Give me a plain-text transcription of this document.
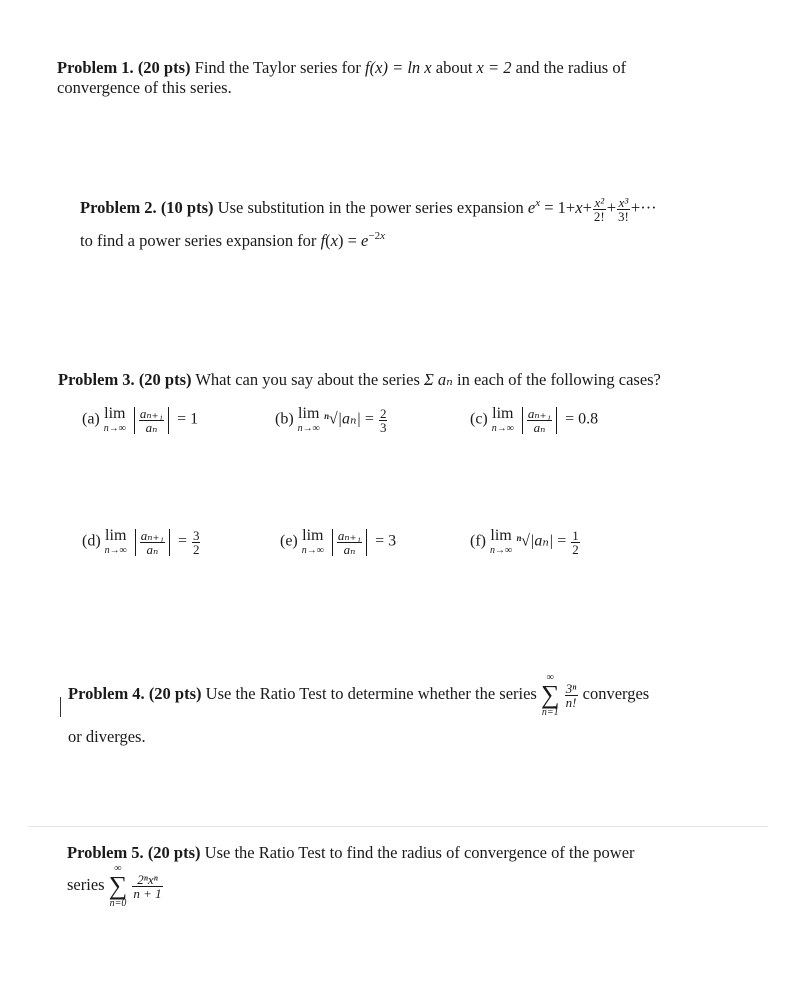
Problem 1. (20 pts) Find the Taylor series for f(x) = ln x about x = 2 and the radius of
convergence of this series.
Problem 2. (10 pts) Use substitution in the power series expansion $e^x = 1+x+ \frac{\text{x²}}{2!} + \frac{\text{x³}}{3!}$ +···
to find a power series expansion for $f(x) = e^{-2x}$
Problem 3. (20 pts) What can you say about the series Σ aₙ in each of the following cases?
(a) lim
n→∞
$\frac{\text{aₙ₊₁}}{\text{aₙ}} = 1$	(b) lim
n→∞
$^n√|a_n| = \frac{2}{3}$	(c) lim
n→∞
$\frac{\text{aₙ₊₁}}{\text{aₙ}} = 0.8$
(d) lim
n→∞
$\frac{\text{aₙ₊₁}}{\text{aₙ}} = \frac{3}{2}$	(e) lim
n→∞
$\frac{\text{aₙ₊₁}}{\text{aₙ}} = 3$	(f) lim
n→∞
$^n√|a_n| = \frac{1}{2}$
Problem 4. (20 pts) Use the Ratio Test to determine whether the series
∞
∑
n=1

$\frac{\text{3ⁿ}}{n!}$ converges
or diverges.
Problem 5. (20 pts) Use the Ratio Test to find the radius of convergence of the power
series
∞
∑
n=0

$\frac{\text{2ⁿxⁿ}}{n + 1}$
